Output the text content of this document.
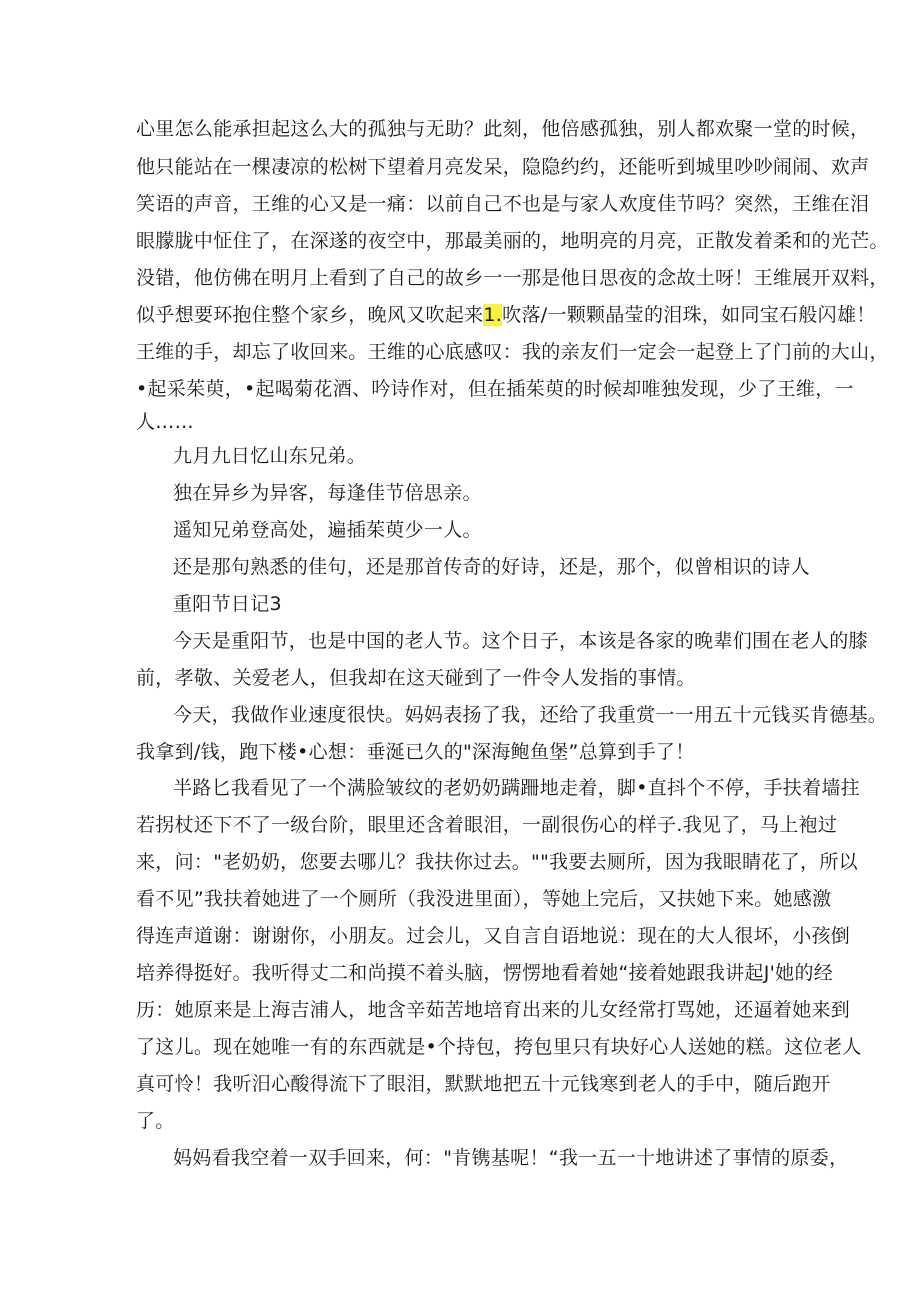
心里怎么能承担起这么大的孤独与无助？此刻，他倍感孤独，别人都欢聚一堂的时候，
他只能站在一棵凄凉的松树下望着月亮发呆，隐隐约约，还能听到城里吵吵闹闹、欢声
笑语的声音，王维的心又是一痛：以前自己不也是与家人欢度佳节吗？突然，王维在泪
眼朦胧中怔住了，在深遂的夜空中，那最美丽的，地明亮的月亮，正散发着柔和的光芒。
没错，他仿佛在明月上看到了自己的故乡一一那是他日思夜的念故土呀！王维展开双料，
似乎想要环抱住整个家乡，晚风又吹起来1.吹落/一颗颗晶莹的泪珠，如同宝石般闪雄！
王维的手，却忘了收回来。王维的心底感叹：我的亲友们一定会一起登上了门前的大山，
•起采茱萸，•起喝菊花酒、吟诗作对，但在插茱萸的时候却唯独发现，少了王维，一
人……
九月九日忆山东兄弟。
独在异乡为异客，每逢佳节倍思亲。
遥知兄弟登高处，遍插茱萸少一人。
还是那句熟悉的佳句，还是那首传奇的好诗，还是，那个，似曾相识的诗人
重阳节日记3
今天是重阳节，也是中国的老人节。这个日子，本该是各家的晚辈们围在老人的膝
前，孝敬、关爱老人，但我却在这天碰到了一件令人发指的事情。
今天，我做作业速度很快。妈妈表扬了我，还给了我重赏一一用五十元钱买肯德基。
我拿到/钱，跑下楼•心想：垂涎已久的"深海鲍鱼堡”总算到手了！
半路匕我看见了一个满脸皱纹的老奶奶蹒跚地走着，脚•直抖个不停，手扶着墙拄
若拐杖还下不了一级台阶，眼里还含着眼泪，一副很伤心的样子.我见了，马上袍过
来，问："老奶奶，您要去哪儿？我扶你过去。""我要去厕所，因为我眼睛花了，所以
看不见”我扶着她进了一个厕所（我没进里面），等她上完后，又扶她下来。她感激
得连声道谢：谢谢你，小朋友。过会儿，又自言自语地说：现在的大人很坏，小孩倒
培养得挺好。我听得丈二和尚摸不着头脑，愣愣地看着她“接着她跟我讲起J'她的经
历：她原来是上海吉浦人，地含辛茹苦地培育出来的儿女经常打骂她，还逼着她来到
了这儿。现在她唯一有的东西就是•个持包，挎包里只有块好心人送她的糕。这位老人
真可怜！我听汨心酸得流下了眼泪，默默地把五十元钱寒到老人的手中，随后跑开
了。
妈妈看我空着一双手回来，何："肯镌基呢！“我一五一十地讲述了事情的原委，
